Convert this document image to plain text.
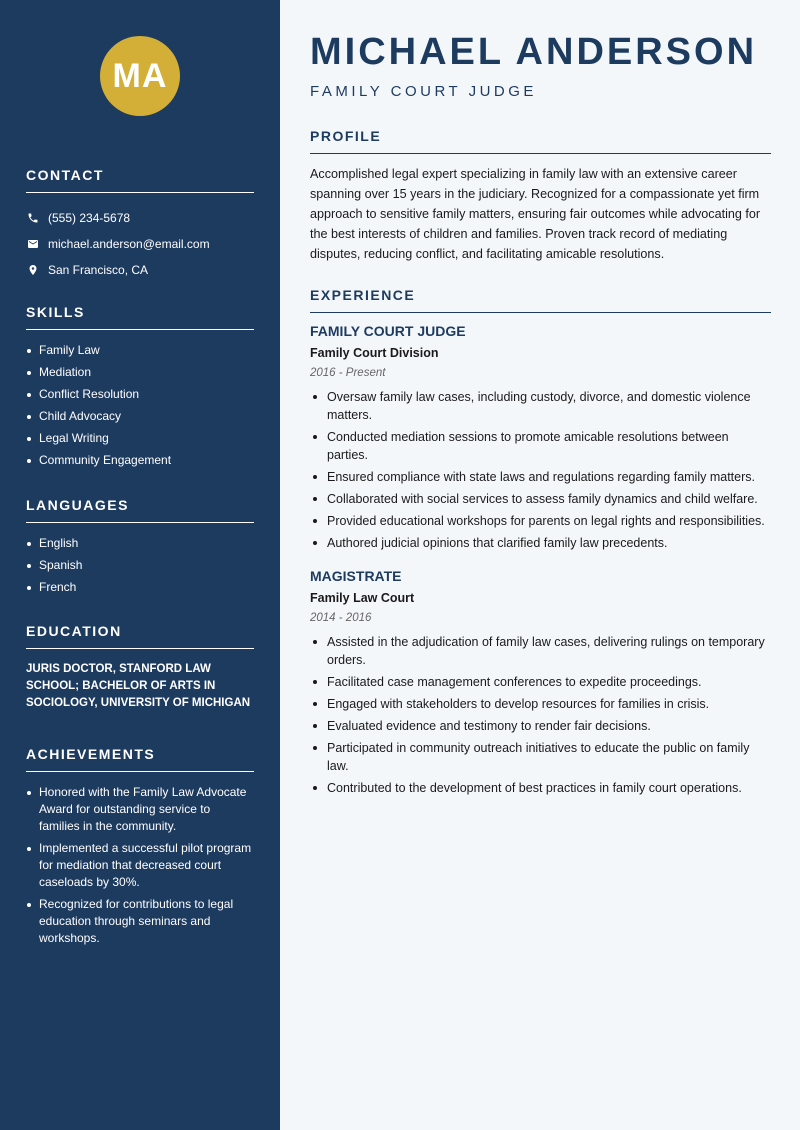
MA
CONTACT
(555) 234-5678
michael.anderson@email.com
San Francisco, CA
SKILLS
Family Law
Mediation
Conflict Resolution
Child Advocacy
Legal Writing
Community Engagement
LANGUAGES
English
Spanish
French
EDUCATION
JURIS DOCTOR, STANFORD LAW SCHOOL; BACHELOR OF ARTS IN SOCIOLOGY, UNIVERSITY OF MICHIGAN
ACHIEVEMENTS
Honored with the Family Law Advocate Award for outstanding service to families in the community.
Implemented a successful pilot program for mediation that decreased court caseloads by 30%.
Recognized for contributions to legal education through seminars and workshops.
MICHAEL ANDERSON
FAMILY COURT JUDGE
PROFILE

Accomplished legal expert specializing in family law with an extensive career spanning over 15 years in the judiciary. Recognized for a compassionate yet firm approach to sensitive family matters, ensuring fair outcomes while advocating for the best interests of children and families. Proven track record of mediating disputes, reducing conflict, and facilitating amicable resolutions.

EXPERIENCE
FAMILY COURT JUDGE
Family Court Division
2016 - Present
Oversaw family law cases, including custody, divorce, and domestic violence matters.
Conducted mediation sessions to promote amicable resolutions between parties.
Ensured compliance with state laws and regulations regarding family matters.
Collaborated with social services to assess family dynamics and child welfare.
Provided educational workshops for parents on legal rights and responsibilities.
Authored judicial opinions that clarified family law precedents.
MAGISTRATE
Family Law Court
2014 - 2016
Assisted in the adjudication of family law cases, delivering rulings on temporary orders.
Facilitated case management conferences to expedite proceedings.
Engaged with stakeholders to develop resources for families in crisis.
Evaluated evidence and testimony to render fair decisions.
Participated in community outreach initiatives to educate the public on family law.
Contributed to the development of best practices in family court operations.
